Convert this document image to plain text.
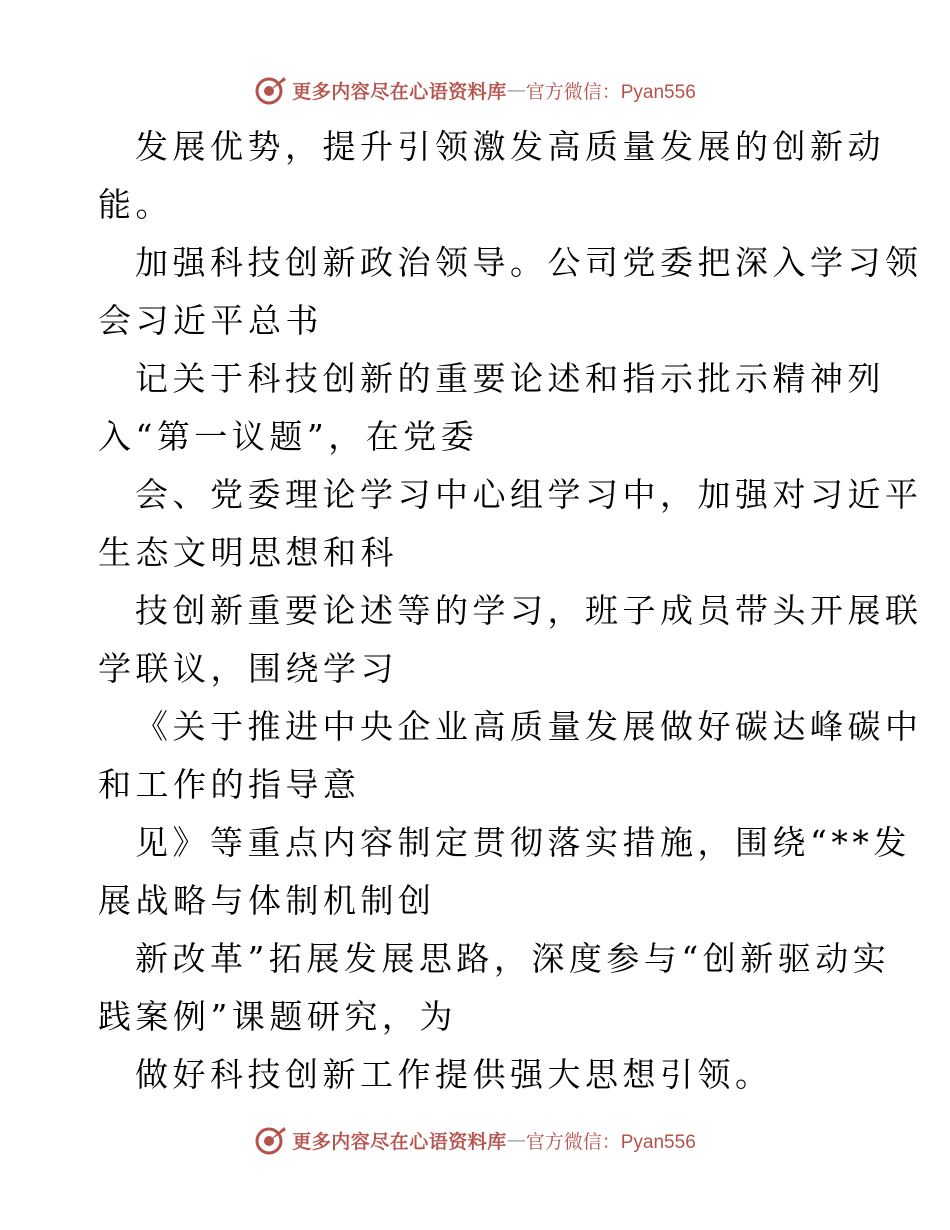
更多内容尽在心语资料库 — 官方微信：Pyan556
发展优势，提升引领激发高质量发展的创新动
能。
加强科技创新政治领导。公司党委把深入学习领
会习近平总书
记关于科技创新的重要论述和指示批示精神列
入“第一议题”，在党委
会、党委理论学习中心组学习中，加强对习近平
生态文明思想和科
技创新重要论述等的学习，班子成员带头开展联
学联议，围绕学习
《关于推进中央企业高质量发展做好碳达峰碳中
和工作的指导意
见》等重点内容制定贯彻落实措施，围绕“**发
展战略与体制机制创
新改革”拓展发展思路，深度参与“创新驱动实
践案例”课题研究，为
做好科技创新工作提供强大思想引领。
更多内容尽在心语资料库 — 官方微信：Pyan556
